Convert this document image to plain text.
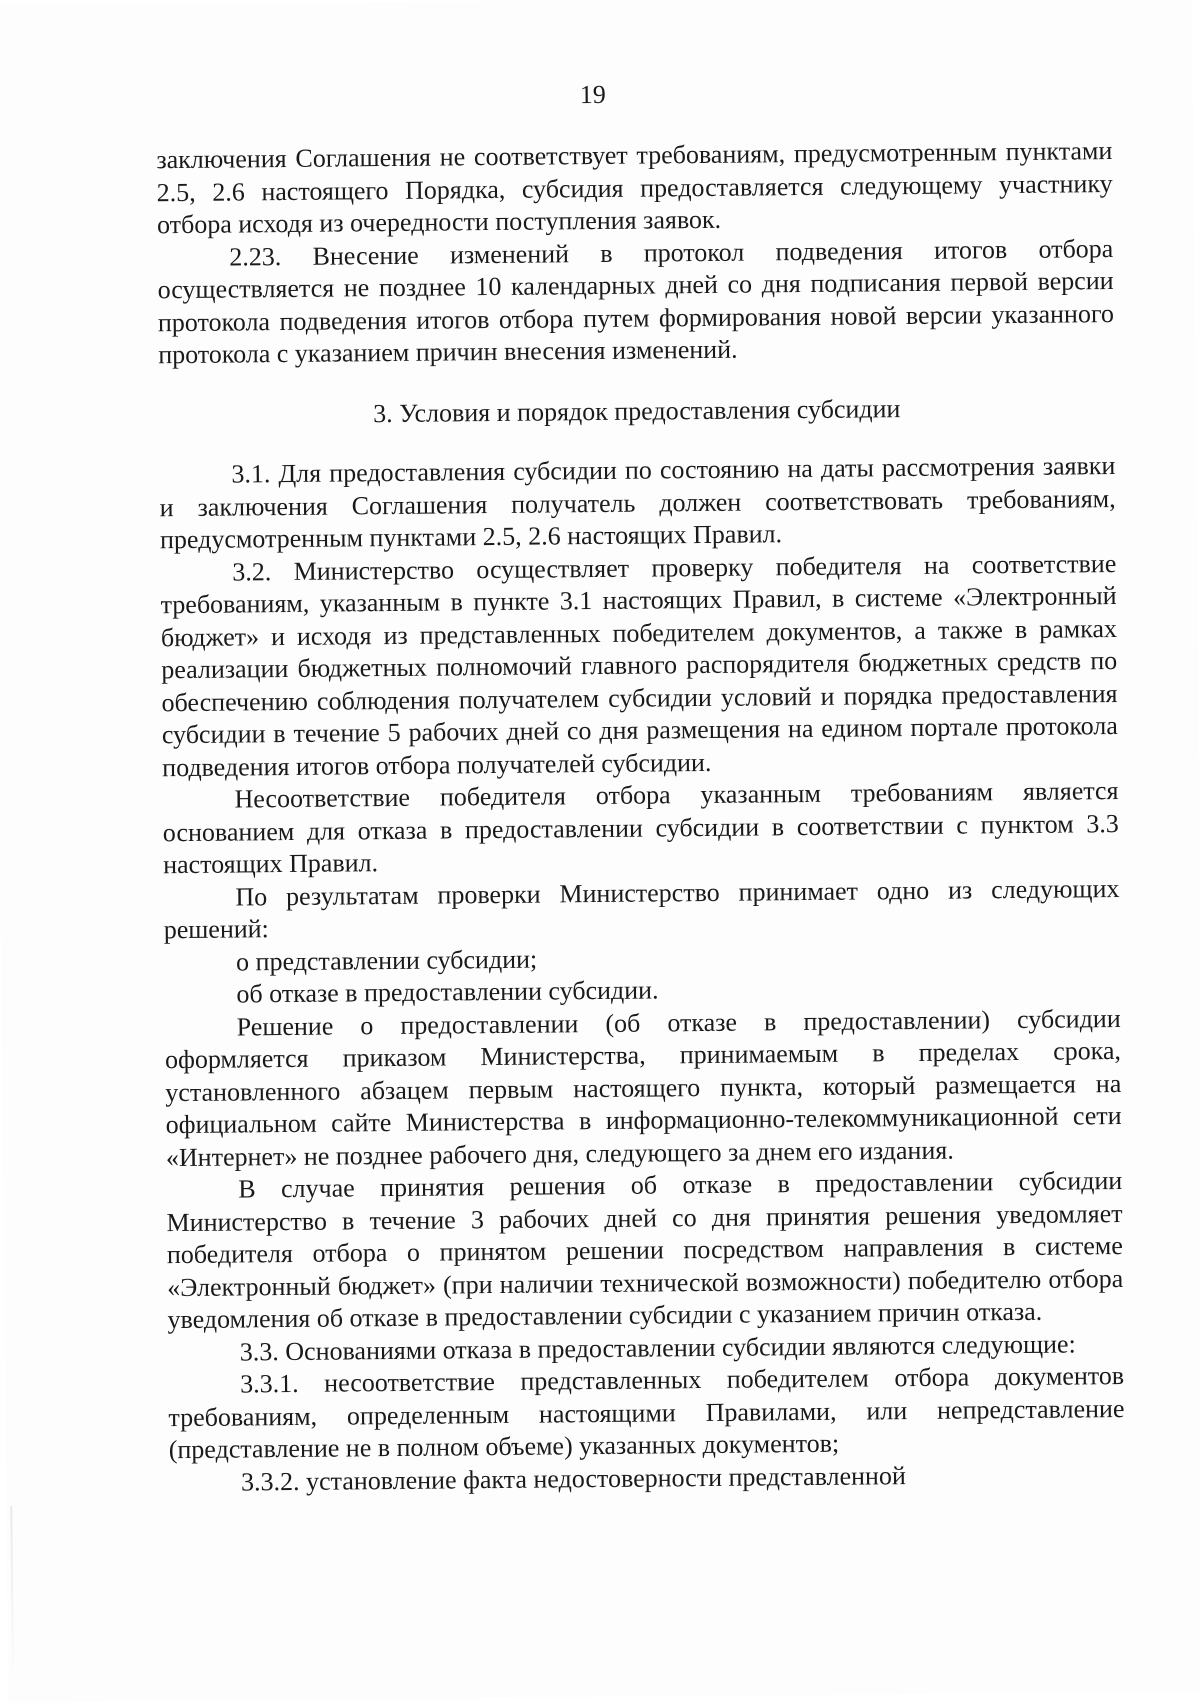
19

заключения Соглашения не соответствует требованиям, предусмотренным пунктами 2.5, 2.6 настоящего Порядка, субсидия предоставляется следующему участнику отбора исходя из очередности поступления заявок.

2.23. Внесение изменений в протокол подведения итогов отбора осуществляется не позднее 10 календарных дней со дня подписания первой версии протокола подведения итогов отбора путем формирования новой версии указанного протокола с указанием причин внесения изменений.

3. Условия и порядок предоставления субсидии

3.1. Для предоставления субсидии по состоянию на даты рассмотрения заявки и заключения Соглашения получатель должен соответствовать требованиям, предусмотренным пунктами 2.5, 2.6 настоящих Правил.

3.2. Министерство осуществляет проверку победителя на соответствие требованиям, указанным в пункте 3.1 настоящих Правил, в системе «Электронный бюджет» и исходя из представленных победителем документов, а также в рамках реализации бюджетных полномочий главного распорядителя бюджетных средств по обеспечению соблюдения получателем субсидии условий и порядка предоставления субсидии в течение 5 рабочих дней со дня размещения на едином портале протокола подведения итогов отбора получателей субсидии.

Несоответствие победителя отбора указанным требованиям является основанием для отказа в предоставлении субсидии в соответствии с пунктом 3.3 настоящих Правил.

По результатам проверки Министерство принимает одно из следующих решений:

о представлении субсидии;

об отказе в предоставлении субсидии.

Решение о предоставлении (об отказе в предоставлении) субсидии оформляется приказом Министерства, принимаемым в пределах срока, установленного абзацем первым настоящего пункта, который размещается на официальном сайте Министерства в информационно-телекоммуникационной сети «Интернет» не позднее рабочего дня, следующего за днем его издания.

В случае принятия решения об отказе в предоставлении субсидии Министерство в течение 3 рабочих дней со дня принятия решения уведомляет победителя отбора о принятом решении посредством направления в системе «Электронный бюджет» (при наличии технической возможности) победителю отбора уведомления об отказе в предоставлении субсидии с указанием причин отказа.

3.3. Основаниями отказа в предоставлении субсидии являются следующие:

3.3.1. несоответствие представленных победителем отбора документов требованиям, определенным настоящими Правилами, или непредставление (представление не в полном объеме) указанных документов;

3.3.2. установление факта недостоверности представленной
